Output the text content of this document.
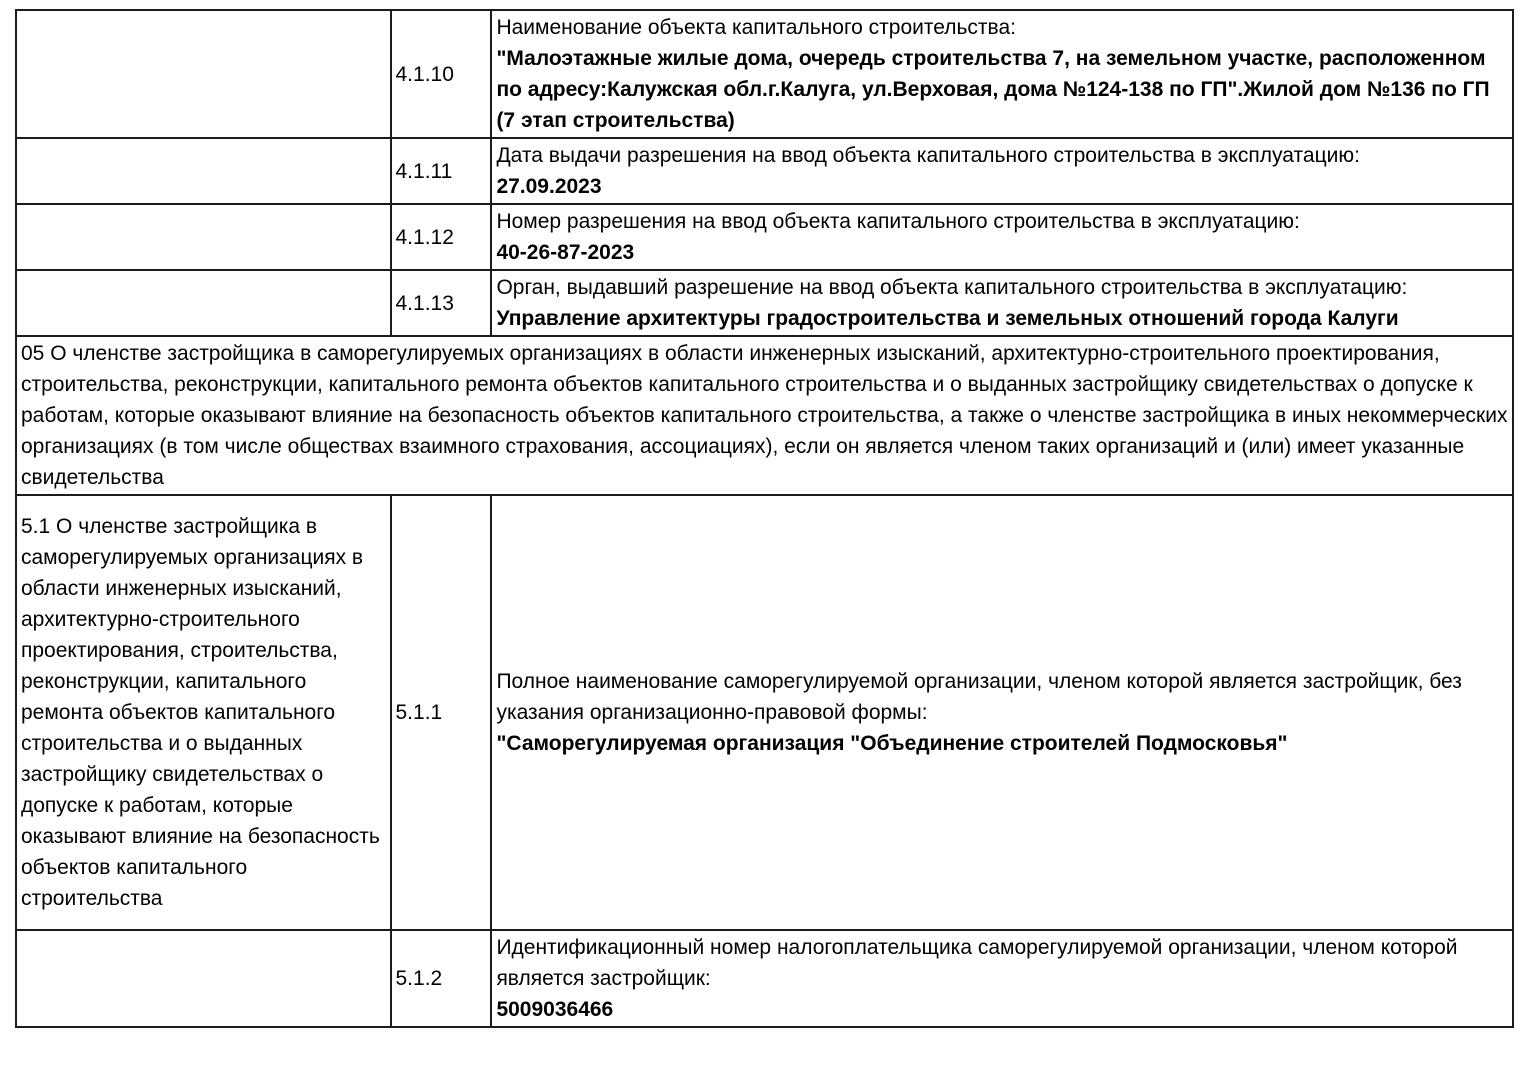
	4.1.10	Наименование объекта капитального строительства:
"Малоэтажные жилые дома, очередь строительства 7, на земельном участке, расположенном по адресу:Калужская обл.г.Калуга, ул.Верховая, дома №124-138 по ГП".Жилой дом №136 по ГП (7 этап строительства)

	4.1.11	Дата выдачи разрешения на ввод объекта капитального строительства в эксплуатацию:
27.09.2023

	4.1.12	Номер разрешения на ввод объекта капитального строительства в эксплуатацию:
40-26-87-2023

	4.1.13	Орган, выдавший разрешение на ввод объекта капитального строительства в эксплуатацию:
Управление архитектуры градостроительства и земельных отношений города Калуги

05 О членстве застройщика в саморегулируемых организациях в области инженерных изысканий, архитектурно-строительного проектирования, строительства, реконструкции, капитального ремонта объектов капитального строительства и о выданных застройщику свидетельствах о допуске к работам, которые оказывают влияние на безопасность объектов капитального строительства, а также о членстве застройщика в иных некоммерческих организациях (в том числе обществах взаимного страхования, ассоциациях), если он является членом таких организаций и (или) имеет указанные свидетельства		
5.1 О членстве застройщика в саморегулируемых организациях в области инженерных изысканий, архитектурно-строительного проектирования, строительства, реконструкции, капитального ремонта объектов капитального строительства и о выданных застройщику свидетельствах о допуске к работам, которые оказывают влияние на безопасность объектов капитального строительства	5.1.1	Полное наименование саморегулируемой организации, членом которой является застройщик, без указания организационно-правовой формы:
"Саморегулируемая организация "Объединение строителей Подмосковья"

	5.1.2	Идентификационный номер налогоплательщика саморегулируемой организации, членом которой является застройщик:
5009036466
